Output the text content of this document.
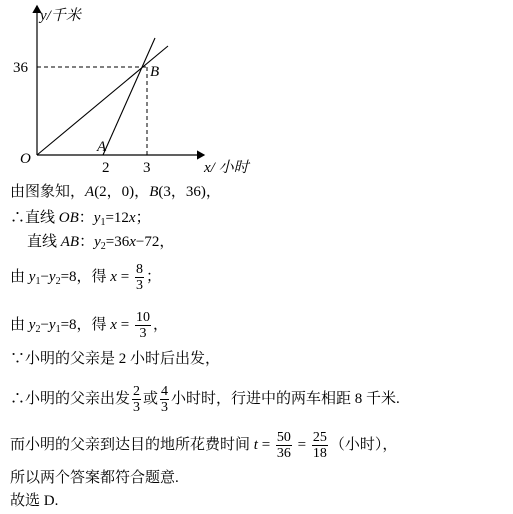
y/千米
x/ 小时
O
36
2 3
A
B
由图象知，A(2，0)，B(3，36)，
∴直线 OB：$y_1=12x$；
直线 AB：$y_2=36x-72$，
由 $y_1-y_2=8$，得 $x = \frac{8}{3}$ ；
由 $y_2-y_1=8$，得 $x = \frac{10}{3}$ ，
∵小明的父亲是 2 小时后出发，
∴小明的父亲出发 $\frac{2}{3}$ 或 $\frac{4}{3}$ 小时时，行进中的两车相距 8 千米.
而小明的父亲到达目的地所花费时间 $t = \frac{50}{36} = \frac{25}{18}$ （小时），
所以两个答案都符合题意.
故选 D.
